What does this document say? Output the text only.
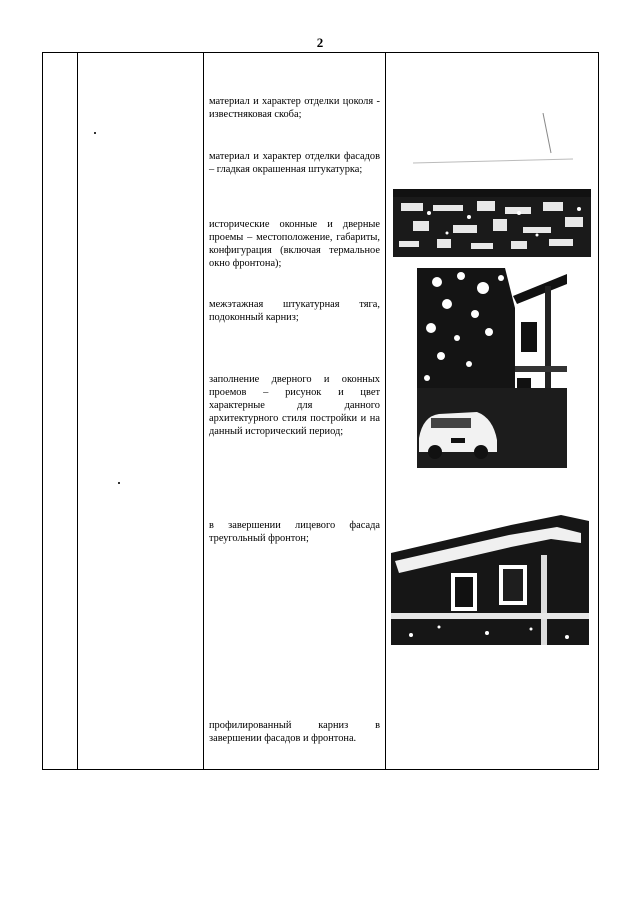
2
материал и характер отделки цоколя - известняковая скоба;
материал и характер отделки фасадов – гладкая окрашенная штукатурка;
исторические оконные и дверные проемы – местоположение, габариты, конфигурация (включая термальное окно фронтона);
межэтажная штукатурная тяга, подоконный карниз;
заполнение дверного и оконных проемов – рисунок и цвет характерные для данного архитектурного стиля постройки и на данный исторический период;
в завершении лицевого фасада треугольный фронтон;
профилированный карниз в завершении фасадов и фронтона.
